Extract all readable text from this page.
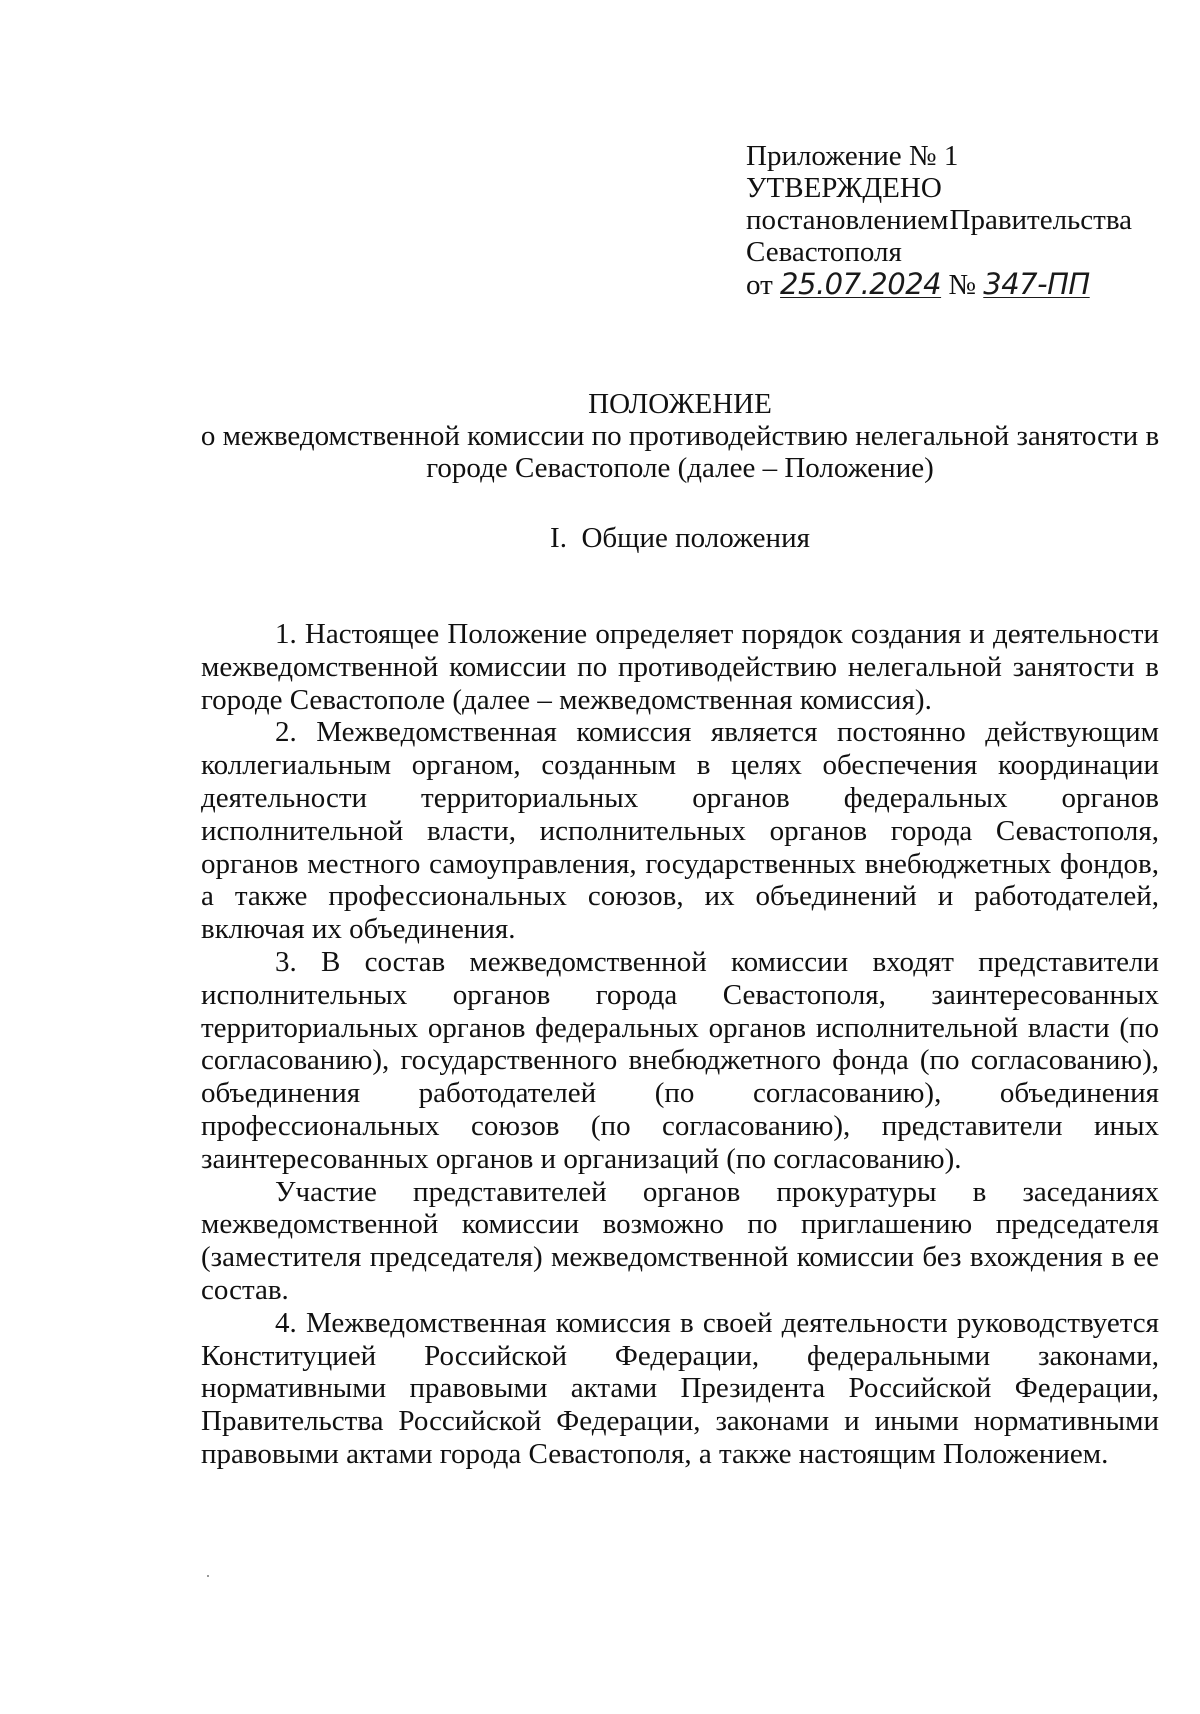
Приложение № 1
УТВЕРЖДЕНО
постановлением Правительства
Севастополя
от 25.07.2024 № 347-ПП
ПОЛОЖЕНИЕ
о межведомственной комиссии по противодействию нелегальной занятости в
городе Севастополе (далее – Положение)
I. Общие положения

1. Настоящее Положение определяет порядок создания и деятельности межведомственной комиссии по противодействию нелегальной занятости в городе Севастополе (далее – межведомственная комиссия).

2. Межведомственная комиссия является постоянно действующим коллегиальным органом, созданным в целях обеспечения координации деятельности территориальных органов федеральных органов исполнительной власти, исполнительных органов города Севастополя, органов местного самоуправления, государственных внебюджетных фондов, а также профессиональных союзов, их объединений и работодателей, включая их объединения.

3. В состав межведомственной комиссии входят представители исполнительных органов города Севастополя, заинтересованных территориальных органов федеральных органов исполнительной власти (по согласованию), государственного внебюджетного фонда (по согласованию), объединения работодателей (по согласованию), объединения профессиональных союзов (по согласованию), представители иных заинтересованных органов и организаций (по согласованию).

Участие представителей органов прокуратуры в заседаниях межведомственной комиссии возможно по приглашению председателя (заместителя председателя) межведомственной комиссии без вхождения в ее состав.

4. Межведомственная комиссия в своей деятельности руководствуется Конституцией Российской Федерации, федеральными законами, нормативными правовыми актами Президента Российской Федерации, Правительства Российской Федерации, законами и иными нормативными правовыми актами города Севастополя, а также настоящим Положением.
